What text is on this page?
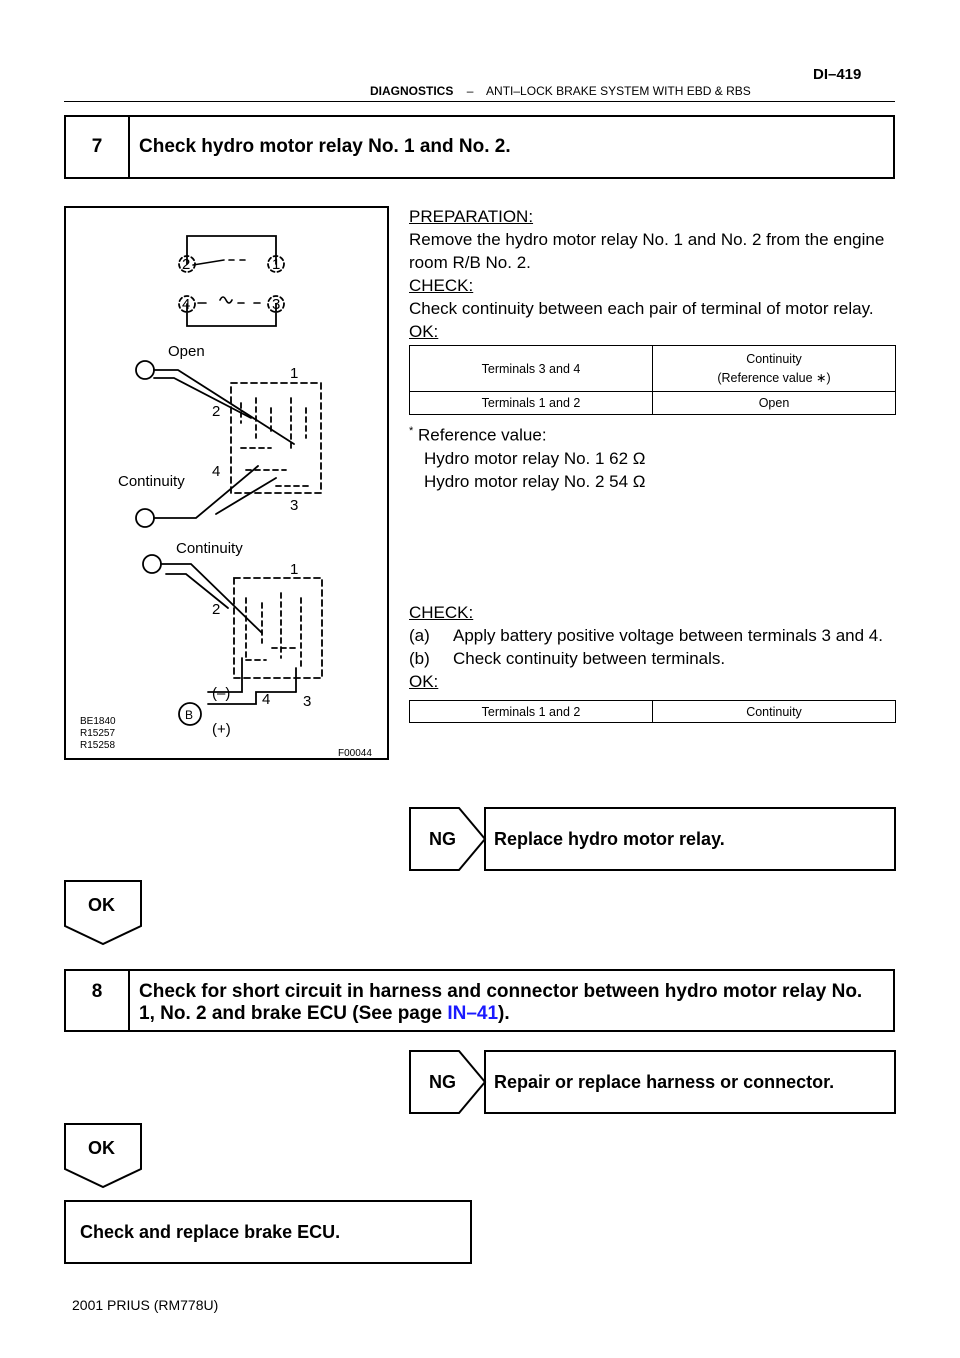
DI–419
DIAGNOSTICS – ANTI–LOCK BRAKE SYSTEM WITH EBD & RBS
7	Check hydro motor relay No. 1 and No. 2.
2	1
4	3
Open
1
2
4
Continuity
3
Continuity
1
2
(–) 4 3
(+)
B
BE1840
R15257
R15258
F00044
PREPARATION:
Remove the hydro motor relay No. 1 and No. 2 from the engine room R/B No. 2.
CHECK:
Check continuity between each pair of terminal of motor relay.
OK:
Terminals 3 and 4	Continuity
(Reference value ∗)

Terminals 1 and 2	Open
* Reference value:
Hydro motor relay No. 1 62 Ω
Hydro motor relay No. 2 54 Ω
CHECK:
(a)	Apply battery positive voltage between terminals 3 and 4.
(b)	Check continuity between terminals.
OK:
Terminals 1 and 2	Continuity
NG	Replace hydro motor relay.
OK
8	Check for short circuit in harness and connector between hydro motor relay No.
1, No. 2 and brake ECU (See page IN–41).
NG	Repair or replace harness or connector.
OK
Check and replace brake ECU.
2001 PRIUS (RM778U)
